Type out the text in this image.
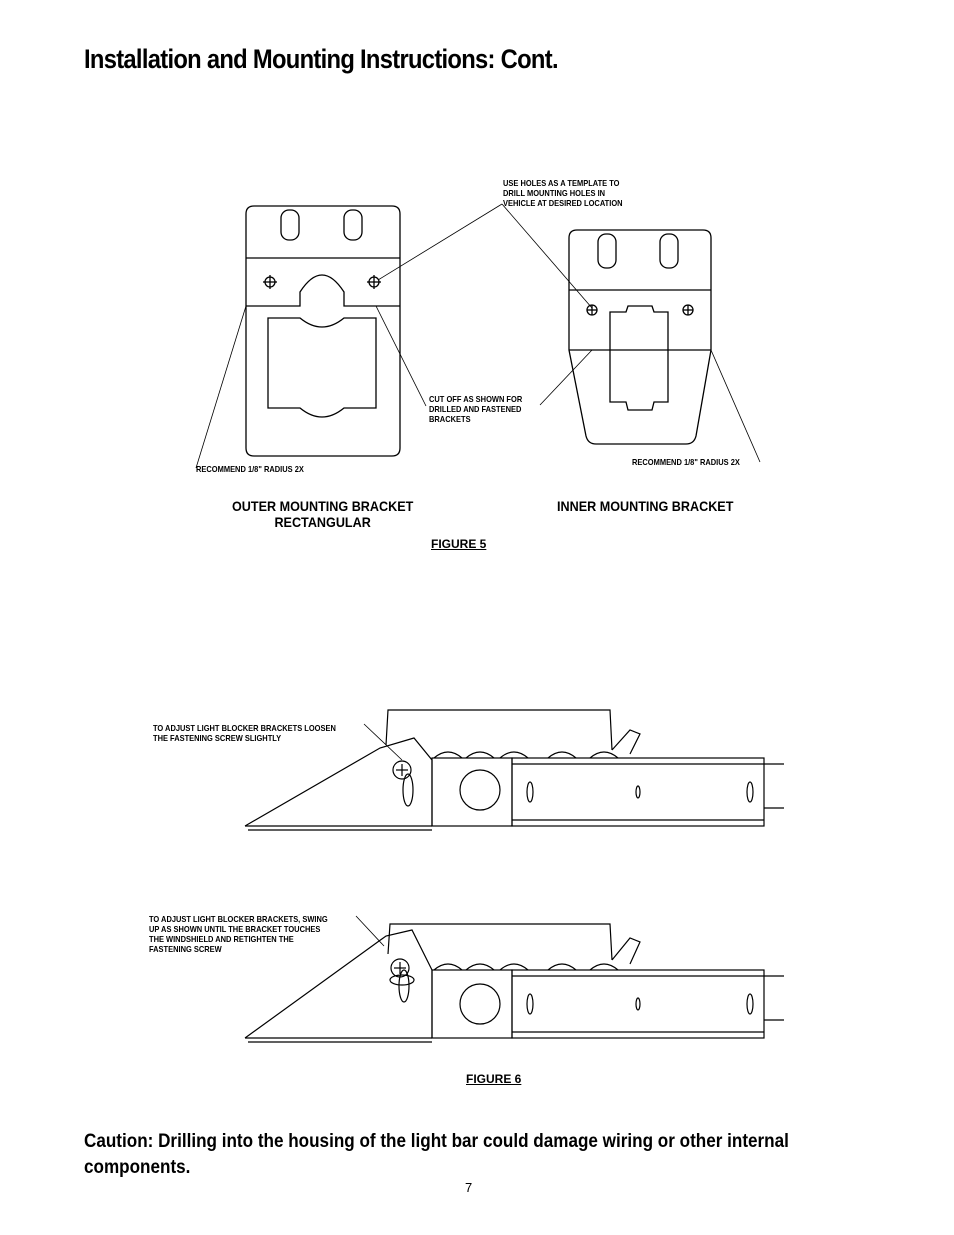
Installation and Mounting Instructions: Cont.
USE HOLES AS A TEMPLATE TO
DRILL MOUNTING HOLES IN
VEHICLE AT DESIRED LOCATION
CUT OFF AS SHOWN FOR
DRILLED AND FASTENED
BRACKETS
RECOMMEND 1/8" RADIUS 2X
RECOMMEND 1/8" RADIUS 2X
OUTER MOUNTING BRACKET
RECTANGULAR
INNER MOUNTING BRACKET
FIGURE 5
TO ADJUST LIGHT BLOCKER BRACKETS LOOSEN
THE FASTENING SCREW SLIGHTLY
TO ADJUST LIGHT BLOCKER BRACKETS, SWING
UP AS SHOWN UNTIL THE BRACKET TOUCHES
THE WINDSHIELD AND RETIGHTEN THE
FASTENING SCREW
FIGURE 6
Caution: Drilling into the housing of the light bar could damage wiring or other internal components.
7
